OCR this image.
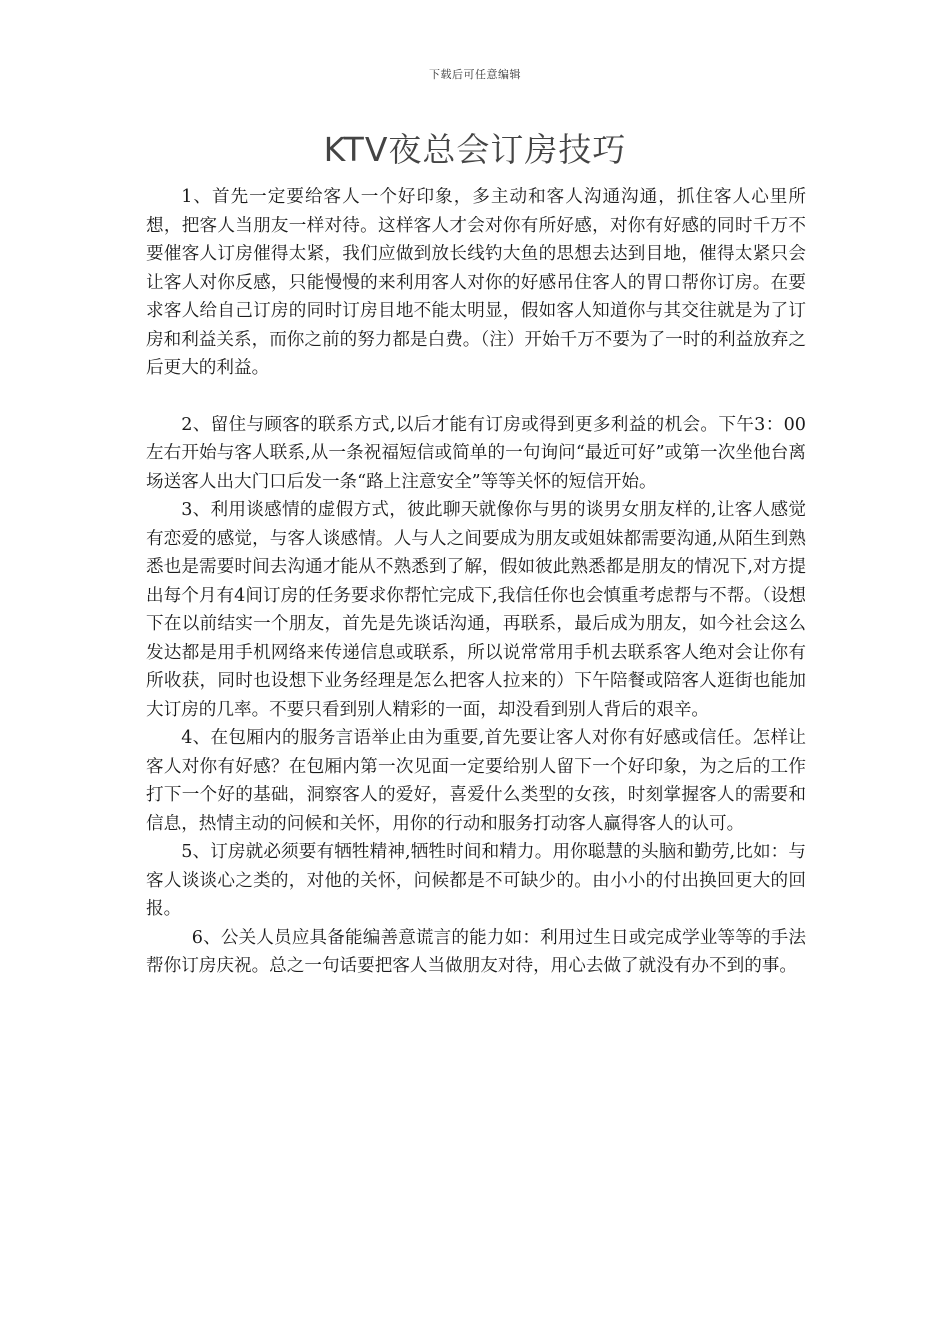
下载后可任意编辑
KTV夜总会订房技巧

1、首先一定要给客人一个好印象，多主动和客人沟通沟通，抓住客人心里所想，把客人当朋友一样对待。这样客人才会对你有所好感，对你有好感的同时千万不要催客人订房催得太紧，我们应做到放长线钓大鱼的思想去达到目地，催得太紧只会让客人对你反感，只能慢慢的来利用客人对你的好感吊住客人的胃口帮你订房。在要求客人给自己订房的同时订房目地不能太明显，假如客人知道你与其交往就是为了订房和利益关系，而你之前的努力都是白费。（注）开始千万不要为了一时的利益放弃之后更大的利益。

2、留住与顾客的联系方式,以后才能有订房或得到更多利益的机会。下午3：00左右开始与客人联系,从一条祝福短信或简单的一句询问“最近可好”或第一次坐他台离场送客人出大门口后发一条“路上注意安全”等等关怀的短信开始。

3、利用谈感情的虚假方式，彼此聊天就像你与男的谈男女朋友样的,让客人感觉有恋爱的感觉，与客人谈感情。人与人之间要成为朋友或姐妹都需要沟通,从陌生到熟悉也是需要时间去沟通才能从不熟悉到了解，假如彼此熟悉都是朋友的情况下,对方提出每个月有4间订房的任务要求你帮忙完成下,我信任你也会慎重考虑帮与不帮。（设想下在以前结实一个朋友，首先是先谈话沟通，再联系，最后成为朋友，如今社会这么发达都是用手机网络来传递信息或联系，所以说常常用手机去联系客人绝对会让你有所收获，同时也设想下业务经理是怎么把客人拉来的）下午陪餐或陪客人逛街也能加大订房的几率。不要只看到别人精彩的一面，却没看到别人背后的艰辛。

4、在包厢内的服务言语举止由为重要,首先要让客人对你有好感或信任。怎样让客人对你有好感？在包厢内第一次见面一定要给别人留下一个好印象，为之后的工作打下一个好的基础，洞察客人的爱好，喜爱什么类型的女孩，时刻掌握客人的需要和信息，热情主动的问候和关怀，用你的行动和服务打动客人赢得客人的认可。

5、订房就必须要有牺牲精神,牺牲时间和精力。用你聪慧的头脑和勤劳,比如：与客人谈谈心之类的，对他的关怀，问候都是不可缺少的。由小小的付出换回更大的回报。

6、公关人员应具备能编善意谎言的能力如：利用过生日或完成学业等等的手法帮你订房庆祝。总之一句话要把客人当做朋友对待，用心去做了就没有办不到的事。
